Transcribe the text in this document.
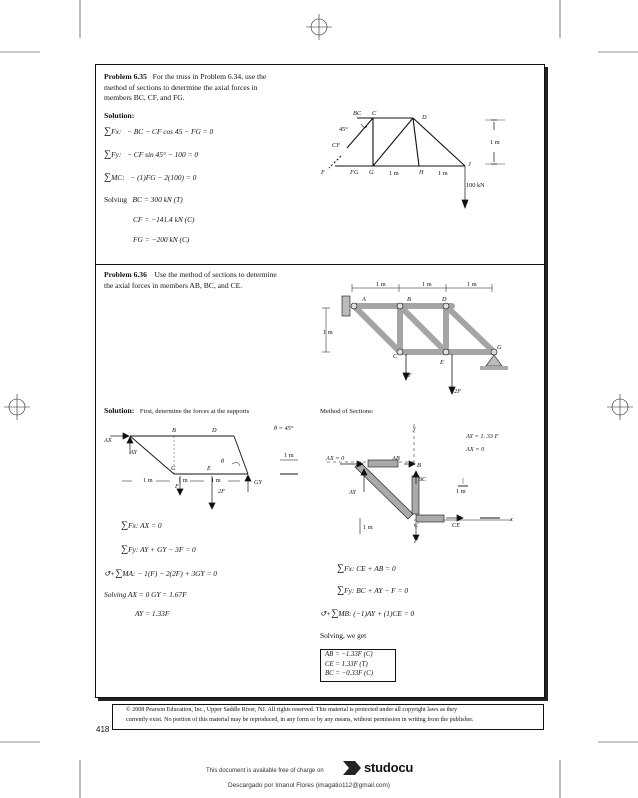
Problem 6.35 For the truss in Problem 6.34, use the
method of sections to determine the axial forces in
members BC, CF, and FG.
Solution:
∑Fx: − BC − CF cos 45 − FG = 0
∑Fy: − CF sin 45° − 100 = 0
∑MC: − (1)FG − 2(100) = 0
Solving BC = 300 kN (T)
CF = −141.4 kN (C)
FG = −200 kN (C)
BC C
D
45°
CF
F	FG G	H
J
1 m	1 m
1 m
100 kN
Problem 6.36 Use the method of sections to determine
the axial forces in members AB, BC, and CE.	1 m	1 m	1 m
1 m
A	B	D
G
C
E
F
2F
Solution: First, determine the forces at the supports	Method of Sections:
AX
AY
B	D	θ = 45°
1 m
θ
C	E
1 m	1 m	1 m
F
GY
2F
y
AY = 1. 33 F
AX = 0
AX = 0	AB
B
BC
AY	1 m
1 m	C	CE
x
F
∑Fx: AX = 0
∑Fy: AY + GY − 3F = 0
↺+∑MA: − 1(F) − 2(2F) + 3GY = 0
Solving AX = 0 GY = 1.67F
AY = 1.33F
∑Fx: CE + AB = 0
∑Fy: BC + AY − F = 0
↺+∑MB: (−1)AY + (1)CE = 0
Solving, we get
AB = −1.33F (C)
CE = 1.33F (T)
BC = −0.33F (C)
© 2008 Pearson Education, Inc., Upper Saddle River, NJ. All rights reserved. This material is protected under all copyright laws as they
currently exist. No portion of this material may be reproduced, in any form or by any means, without permission in writing from the publisher.
418
This document is available free of charge on	studocu
Descargado por Imanol Flores (imagatio112@gmail.com)
